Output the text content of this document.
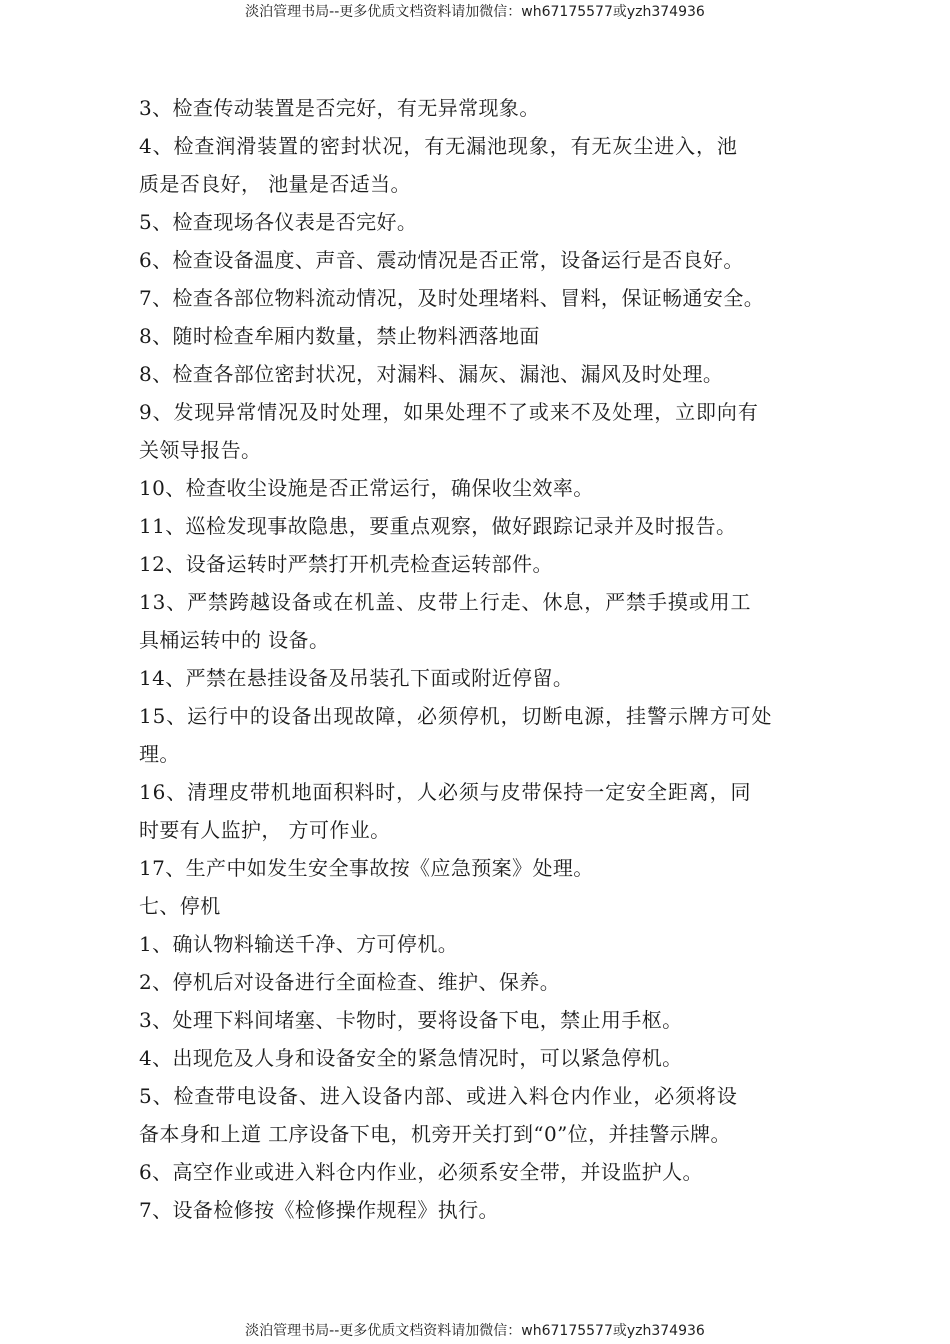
淡泊管理书局--更多优质文档资料请加微信：wh67175577或yzh374936
3、检查传动装置是否完好，有无异常现象。
4、检查润滑装置的密封状况，有无漏池现象，有无灰尘进入，池
质是否良好， 池量是否适当。
5、检查现场各仪表是否完好。
6、检查设备温度、声音、震动情况是否正常，设备运行是否良好。
7、检查各部位物料流动情况，及时处理堵料、冒料，保证畅通安全。
8、随时检查牟厢内数量，禁止物料洒落地面
8、检查各部位密封状况，对漏料、漏灰、漏池、漏风及时处理。
9、发现异常情况及时处理，如果处理不了或来不及处理，立即向有
关领导报告。
10、检查收尘设施是否正常运行，确保收尘效率。
11、巡检发现事故隐患，要重点观察，做好跟踪记录并及时报告。
12、设备运转时严禁打开机壳检查运转部件。
13、严禁跨越设备或在机盖、皮带上行走、休息，严禁手摸或用工
具桶运转中的 设备。
14、严禁在悬挂设备及吊装孔下面或附近停留。
15、运行中的设备出现故障，必须停机，切断电源，挂警示牌方可处
理。
16、清理皮带机地面积料时，人必须与皮带保持一定安全距离，同
时要有人监护， 方可作业。
17、生产中如发生安全事故按《应急预案》处理。
七、停机
1、确认物料输送千净、方可停机。
2、停机后对设备进行全面检查、维护、保养。
3、处理下料间堵塞、卡物时，要将设备下电，禁止用手枢。
4、出现危及人身和设备安全的紧急情况时，可以紧急停机。
5、检查带电设备、进入设备内部、或进入料仓内作业，必须将设
备本身和上道 工序设备下电，机旁开关打到“0”位，并挂警示牌。
6、高空作业或进入料仓内作业，必须系安全带，并设监护人。
7、设备检修按《检修操作规程》执行。
淡泊管理书局--更多优质文档资料请加微信：wh67175577或yzh374936
